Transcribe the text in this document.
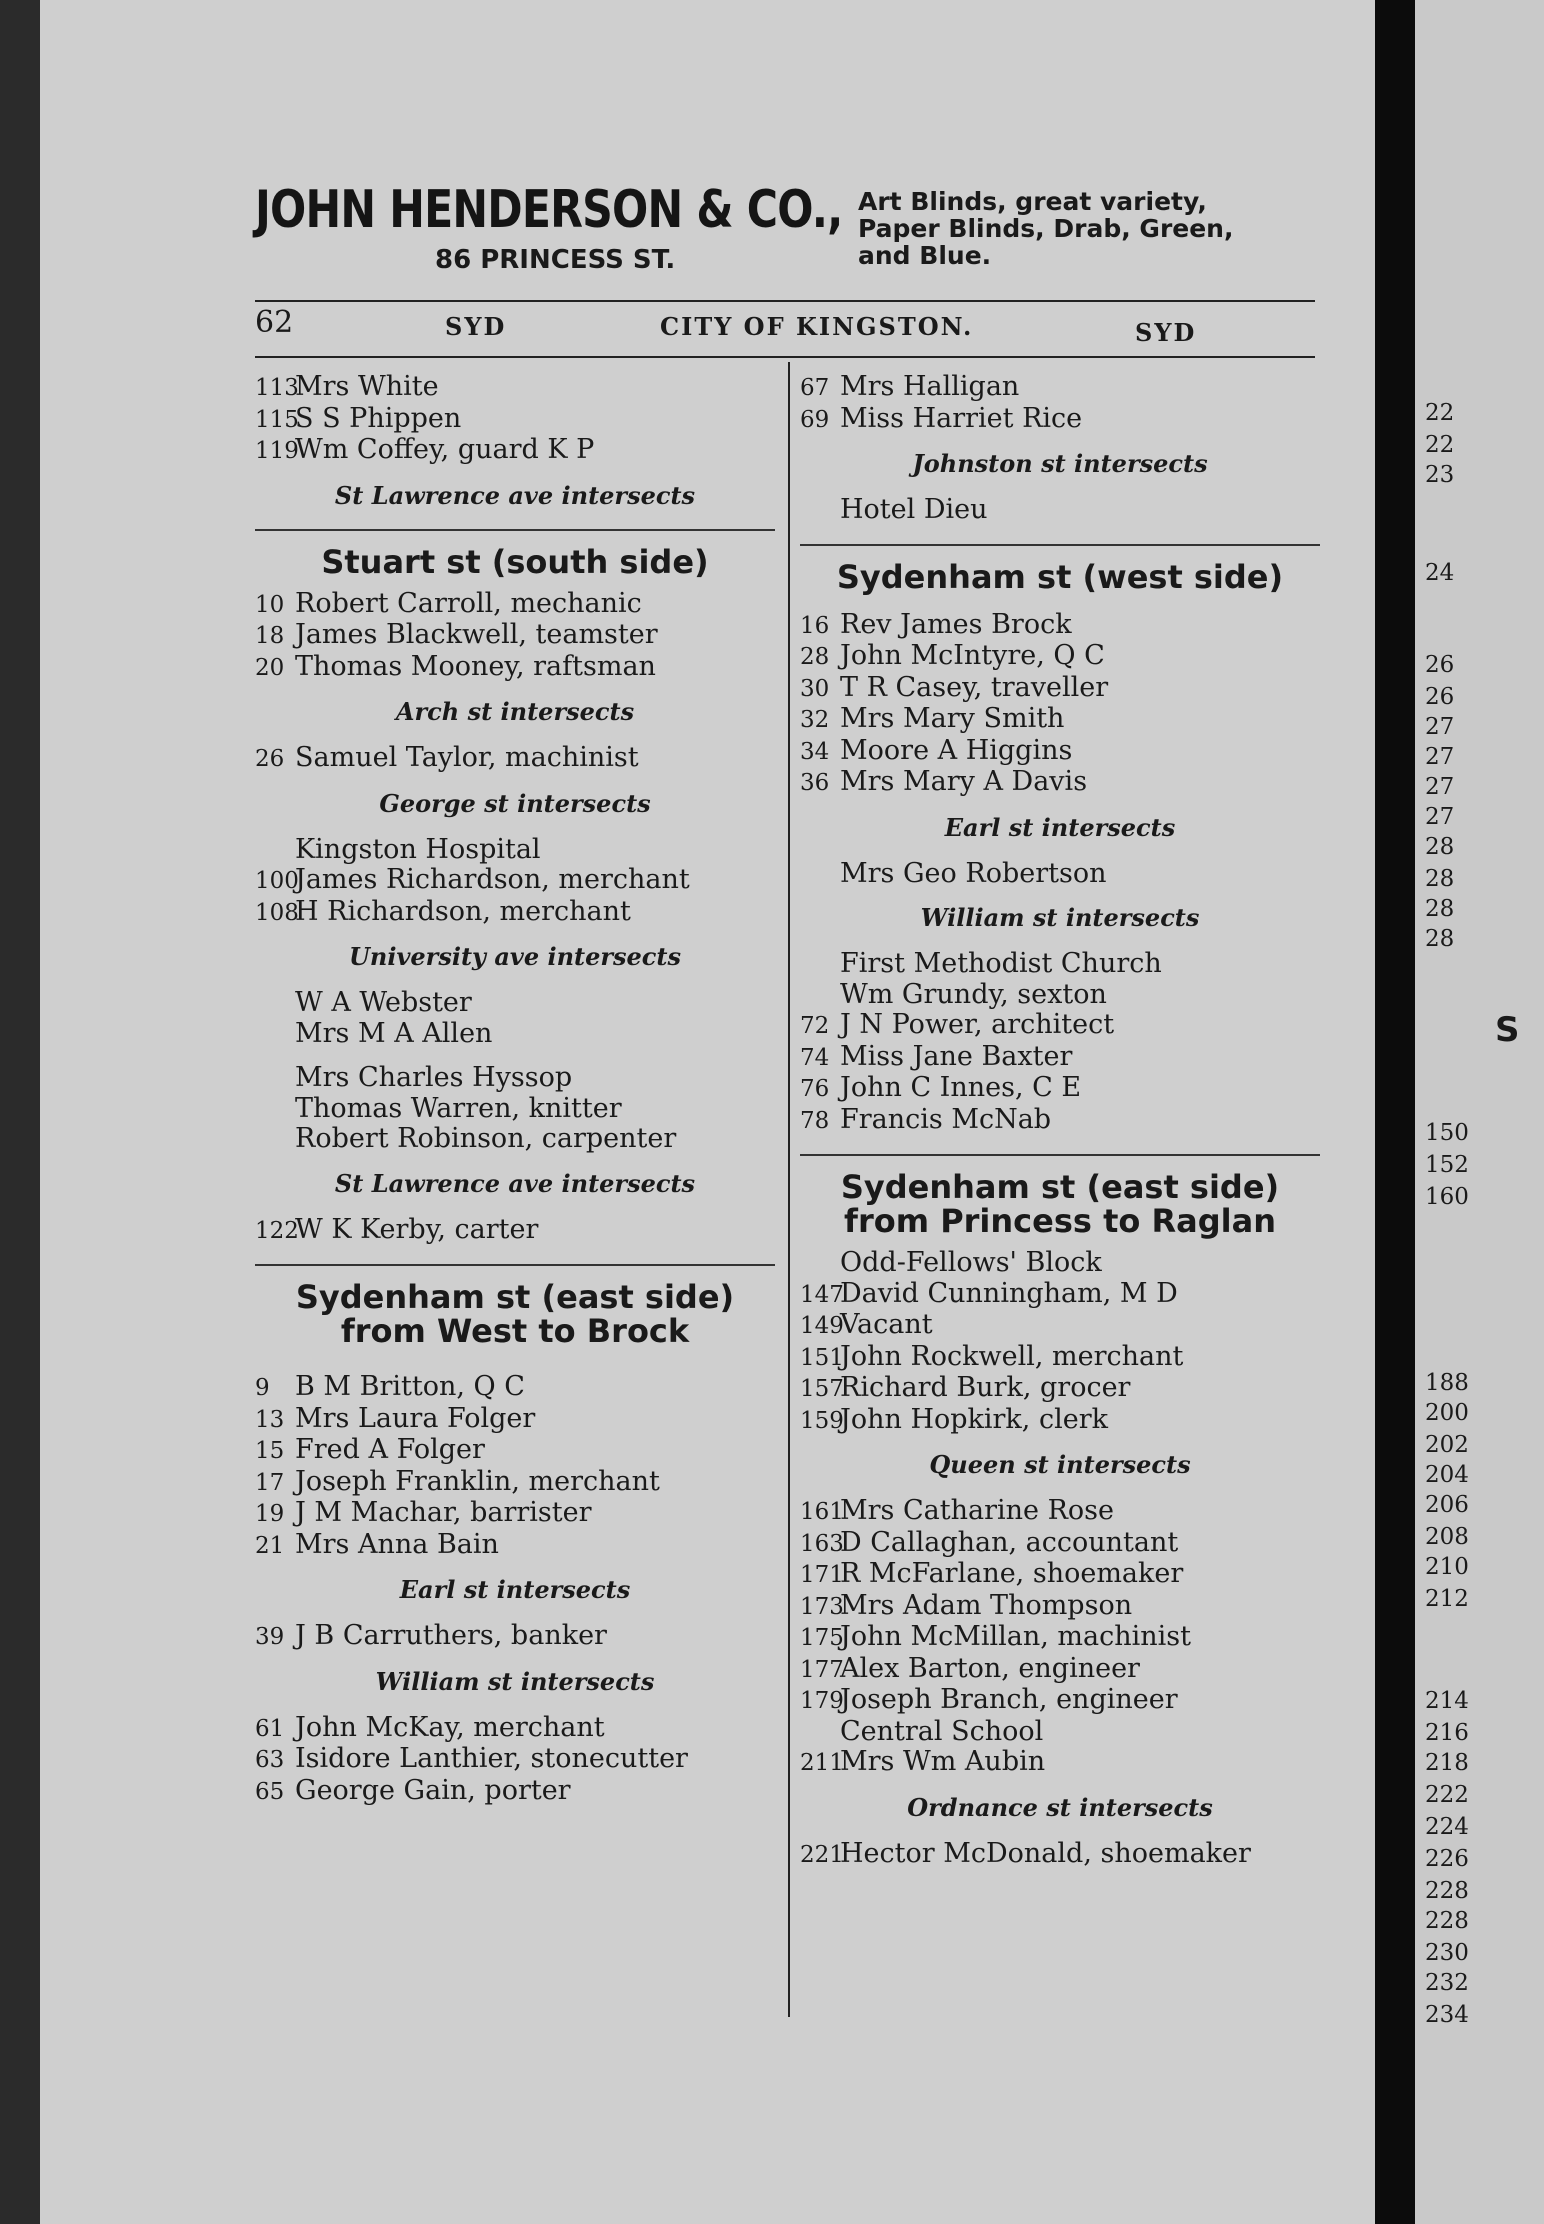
JOHN HENDERSON & CO.,
86 PRINCESS ST.
Art Blinds, great variety,
Paper Blinds, Drab, Green,
and Blue.
62	SYD	CITY OF KINGSTON.	SYD
113Mrs White
115S S Phippen
119Wm Coffey, guard K P
St Lawrence ave intersects
Stuart st (south side)
10 Robert Carroll, mechanic
18 James Blackwell, teamster
20 Thomas Mooney, raftsman
Arch st intersects
26 Samuel Taylor, machinist
George st intersects
Kingston Hospital
100James Richardson, merchant
108H Richardson, merchant
University ave intersects
W A Webster
Mrs M A Allen
Mrs Charles Hyssop
Thomas Warren, knitter
Robert Robinson, carpenter
St Lawrence ave intersects
122W K Kerby, carter
Sydenham st (east side)
from West to Brock
9 B M Britton, Q C
13 Mrs Laura Folger
15 Fred A Folger
17 Joseph Franklin, merchant
19 J M Machar, barrister
21 Mrs Anna Bain
Earl st intersects
39 J B Carruthers, banker
William st intersects
61 John McKay, merchant
63 Isidore Lanthier, stonecutter
65 George Gain, porter
67 Mrs Halligan
69 Miss Harriet Rice
Johnston st intersects
Hotel Dieu
Sydenham st (west side)
16 Rev James Brock
28 John McIntyre, Q C
30 T R Casey, traveller
32 Mrs Mary Smith
34 Moore A Higgins
36 Mrs Mary A Davis
Earl st intersects
Mrs Geo Robertson
William st intersects
First Methodist Church
Wm Grundy, sexton
72 J N Power, architect
74 Miss Jane Baxter
76 John C Innes, C E
78 Francis McNab
Sydenham st (east side)
from Princess to Raglan
Odd-Fellows' Block
147David Cunningham, M D
149Vacant
151John Rockwell, merchant
157Richard Burk, grocer
159John Hopkirk, clerk
Queen st intersects
161Mrs Catharine Rose
163D Callaghan, accountant
171R McFarlane, shoemaker
173Mrs Adam Thompson
175John McMillan, machinist
177Alex Barton, engineer
179Joseph Branch, engineer
Central School
211Mrs Wm Aubin
Ordnance st intersects
221Hector McDonald, shoemaker
22
22
23
24
26
26
27
27
27
27
28
28
28
28
S
150
152
160
188
200
202
204
206
208
210
212
214
216
218
222
224
226
228
228
230
232
234
